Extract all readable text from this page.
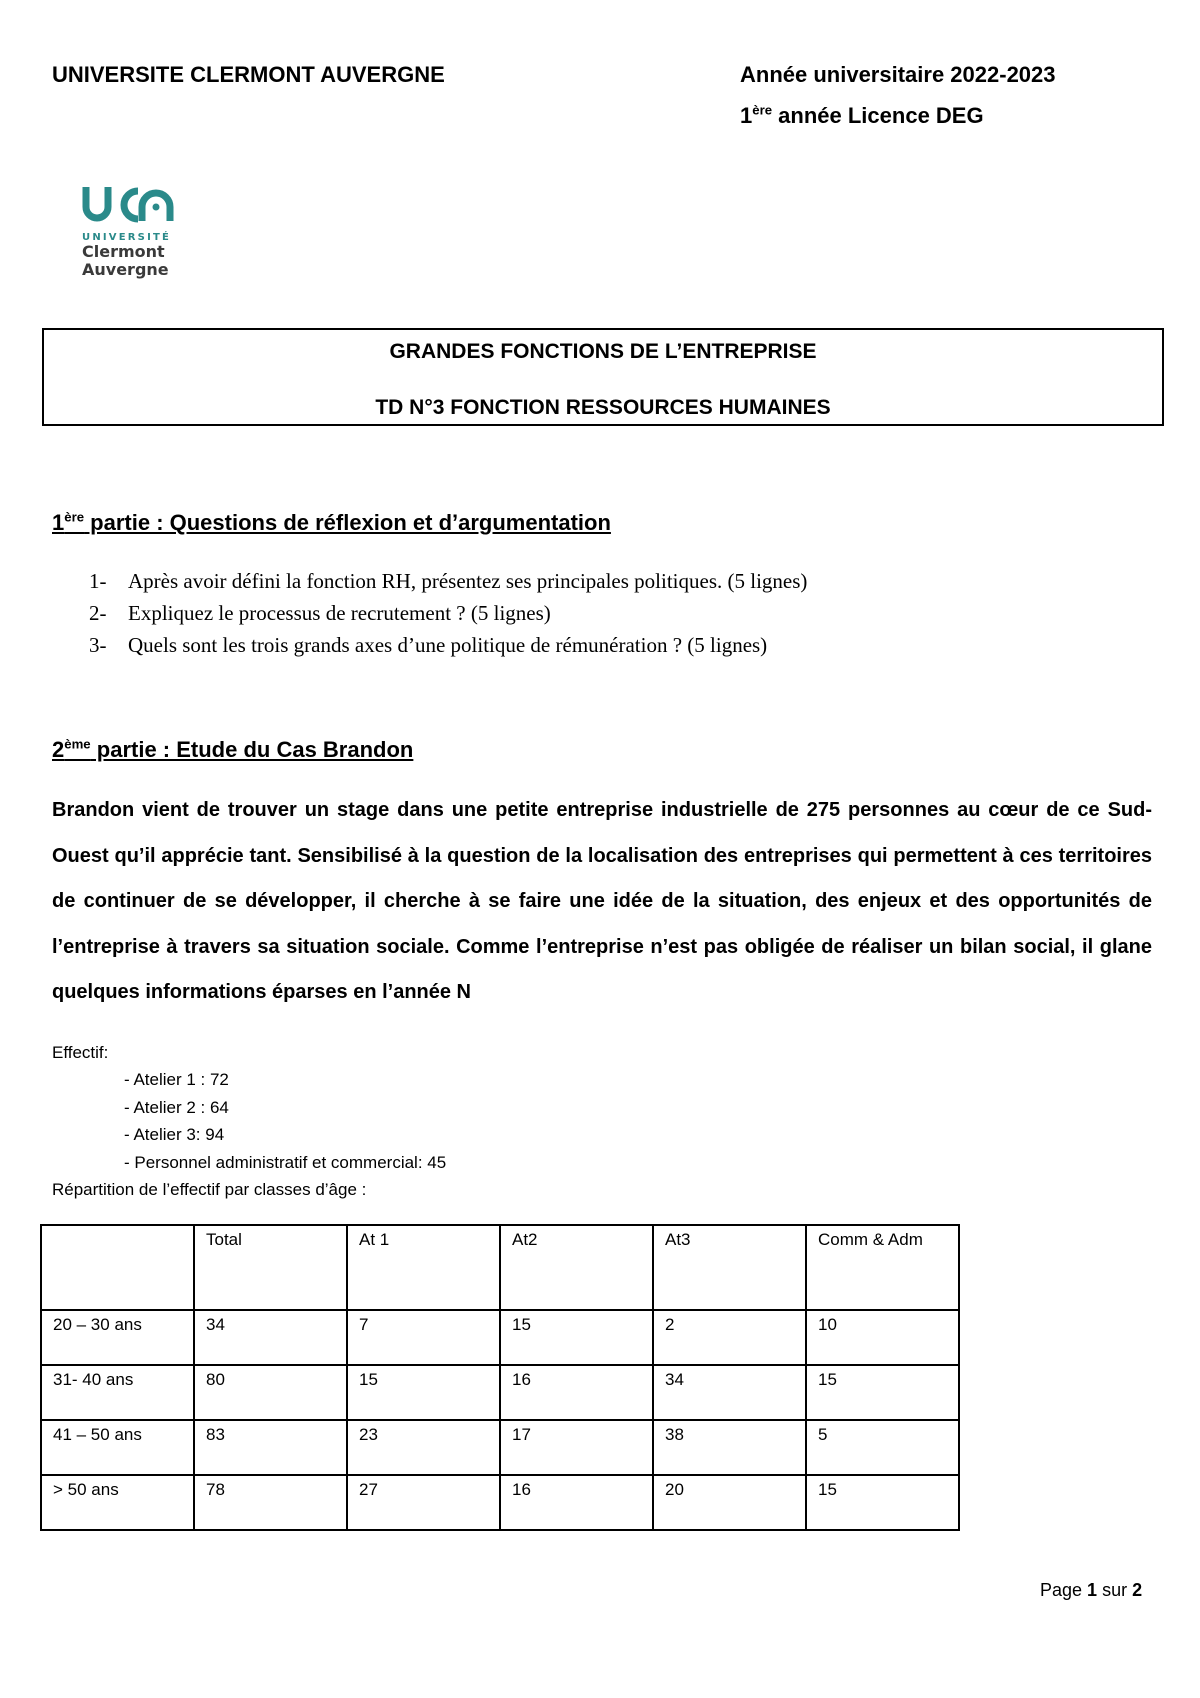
UNIVERSITE CLERMONT AUVERGNE	Année universitaire 2022-2023
1ère année Licence DEG
UNIVERSITÉ
Clermont
Auvergne
GRANDES FONCTIONS DE L’ENTREPRISE
TD N°3 FONCTION RESSOURCES HUMAINES
1ère partie : Questions de réflexion et d’argumentation
1-	Après avoir défini la fonction RH, présentez ses principales politiques. (5 lignes)
2-	Expliquez le processus de recrutement ? (5 lignes)
3-	Quels sont les trois grands axes d’une politique de rémunération ? (5 lignes)
2ème partie : Etude du Cas Brandon
Brandon vient de trouver un stage dans une petite entreprise industrielle de 275 personnes au cœur de ce Sud-Ouest qu’il apprécie tant. Sensibilisé à la question de la localisation des entreprises qui permettent à ces territoires de continuer de se développer, il cherche à se faire une idée de la situation, des enjeux et des opportunités de l’entreprise à travers sa situation sociale. Comme l’entreprise n’est pas obligée de réaliser un bilan social, il glane quelques informations éparses en l’année N
Effectif:
- Atelier 1 : 72
- Atelier 2 : 64
- Atelier 3: 94
- Personnel administratif et commercial: 45
Répartition de l’effectif par classes d’âge :
	Total	At 1	At2	At3	Comm & Adm
20 – 30 ans	34	7	15	2	10
31- 40 ans	80	15	16	34	15
41 – 50 ans	83	23	17	38	5
> 50 ans	78	27	16	20	15
Page 1 sur 2
